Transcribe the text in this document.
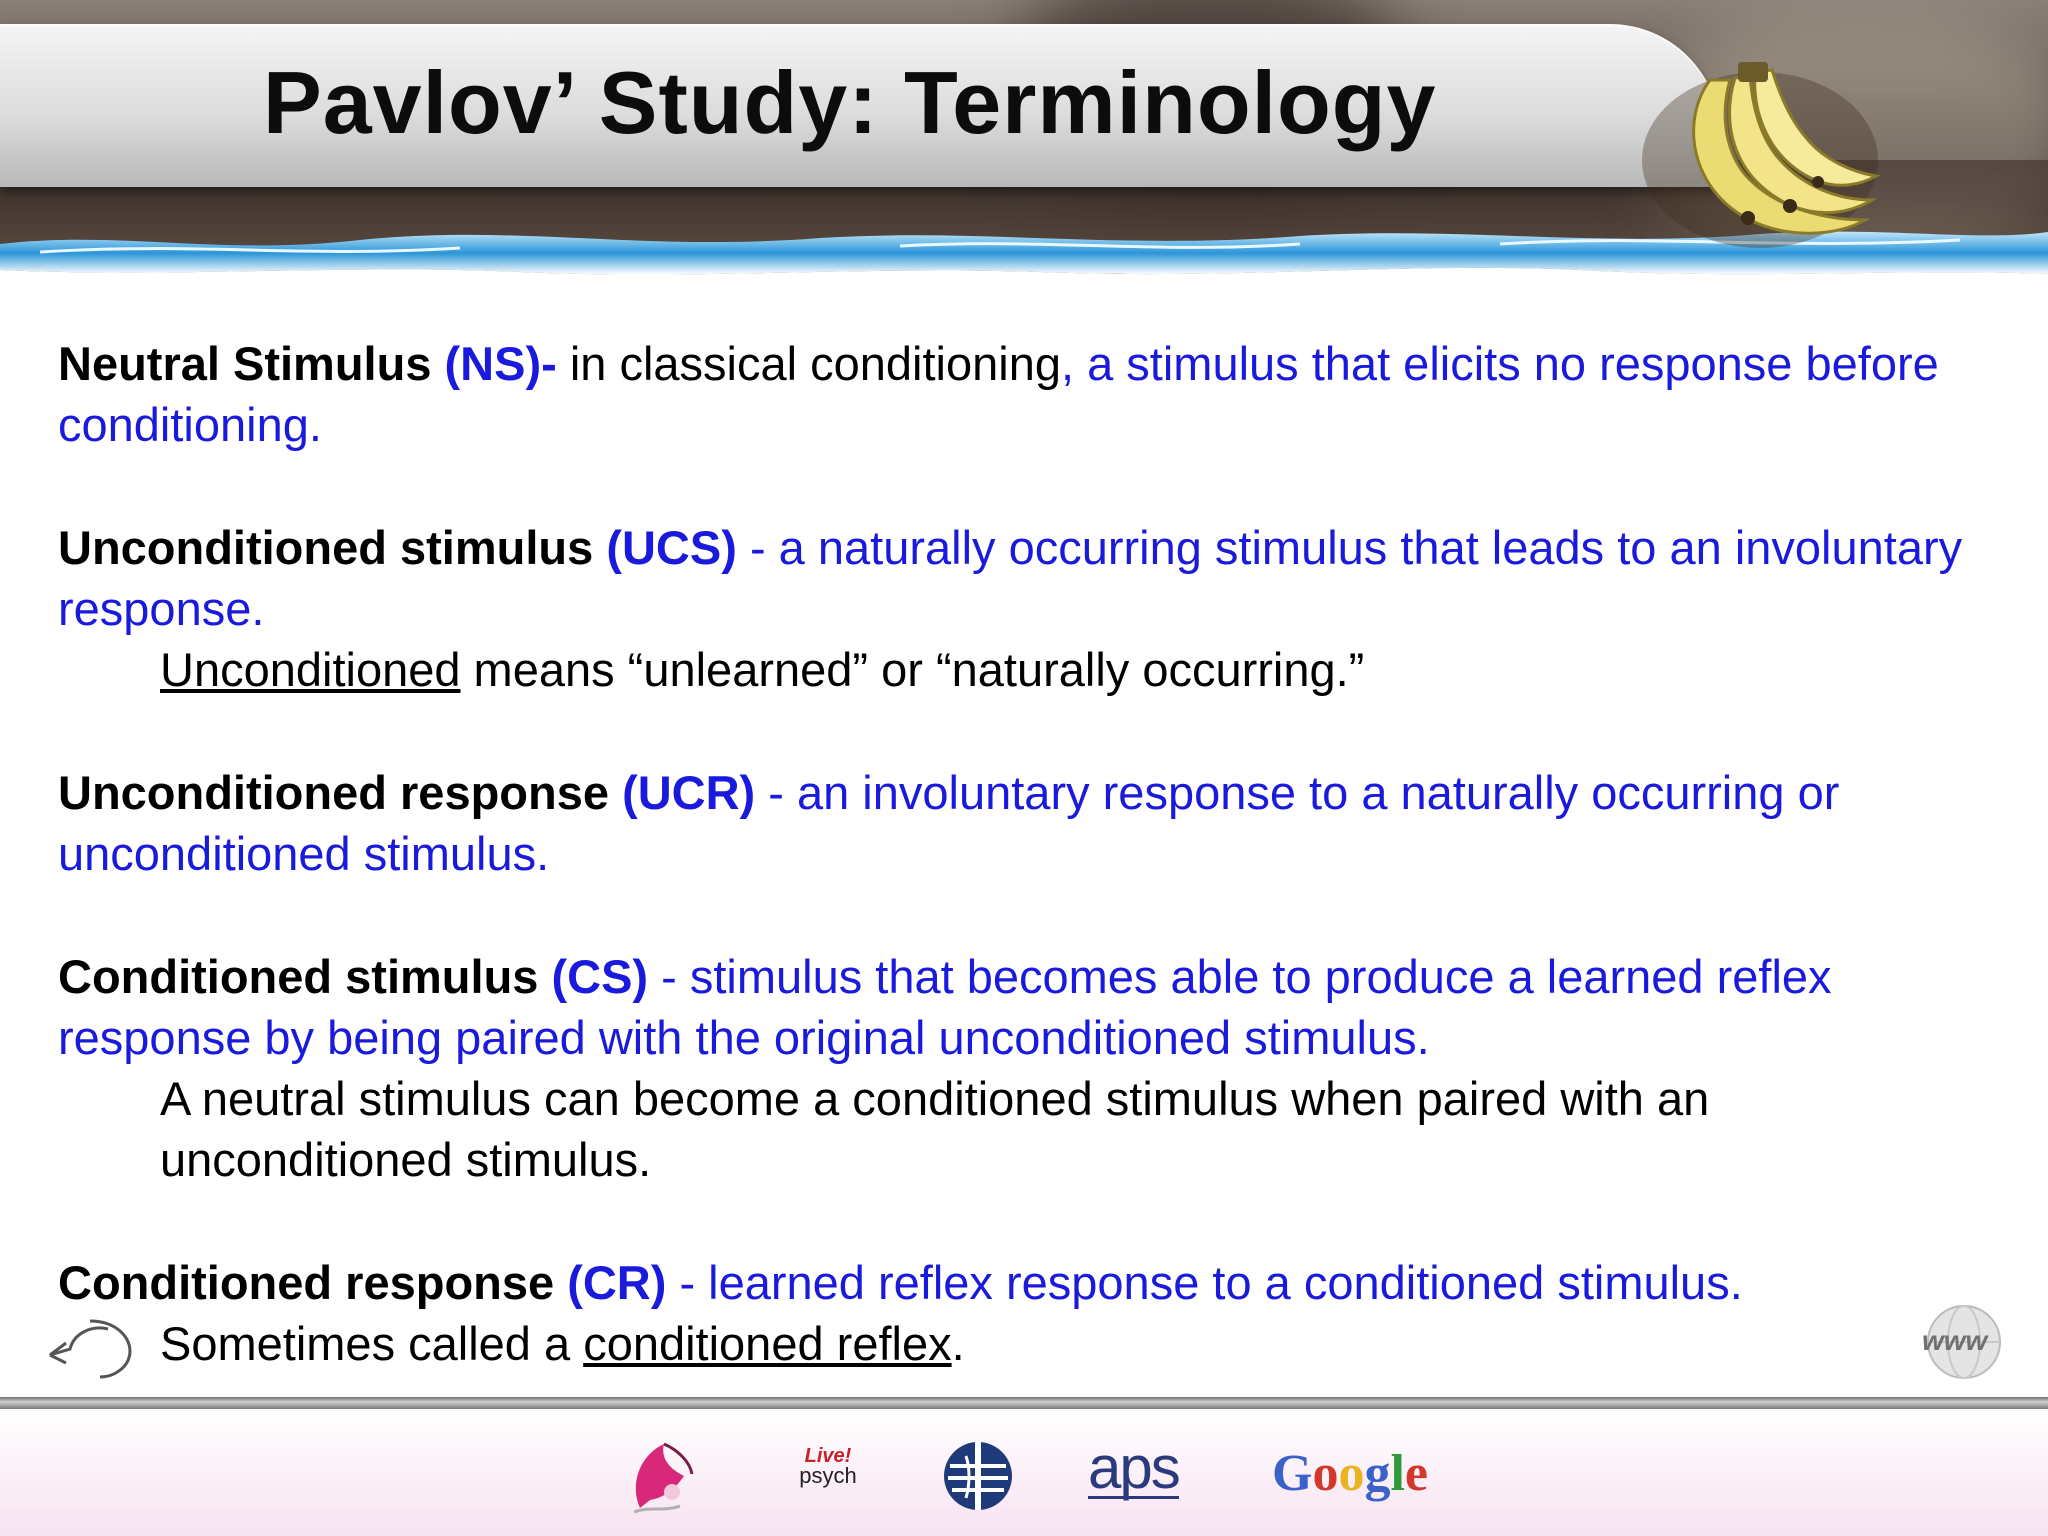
Pavlov’ Study: Terminology

Neutral Stimulus (NS)- in classical conditioning, a stimulus that elicits no response before conditioning.

Unconditioned stimulus (UCS) - a naturally occurring stimulus that leads to an involuntary response.
Unconditioned means “unlearned” or “naturally occurring.”

Unconditioned response (UCR) - an involuntary response to a naturally occurring or unconditioned stimulus.

Conditioned stimulus (CS) - stimulus that becomes able to produce a learned reflex response by being paired with the original unconditioned stimulus.
A neutral stimulus can become a conditioned stimulus when paired with an unconditioned stimulus.

Conditioned response (CR) - learned reflex response to a conditioned stimulus.
Sometimes called a conditioned reflex.	www
Live!
psych	aps Google
